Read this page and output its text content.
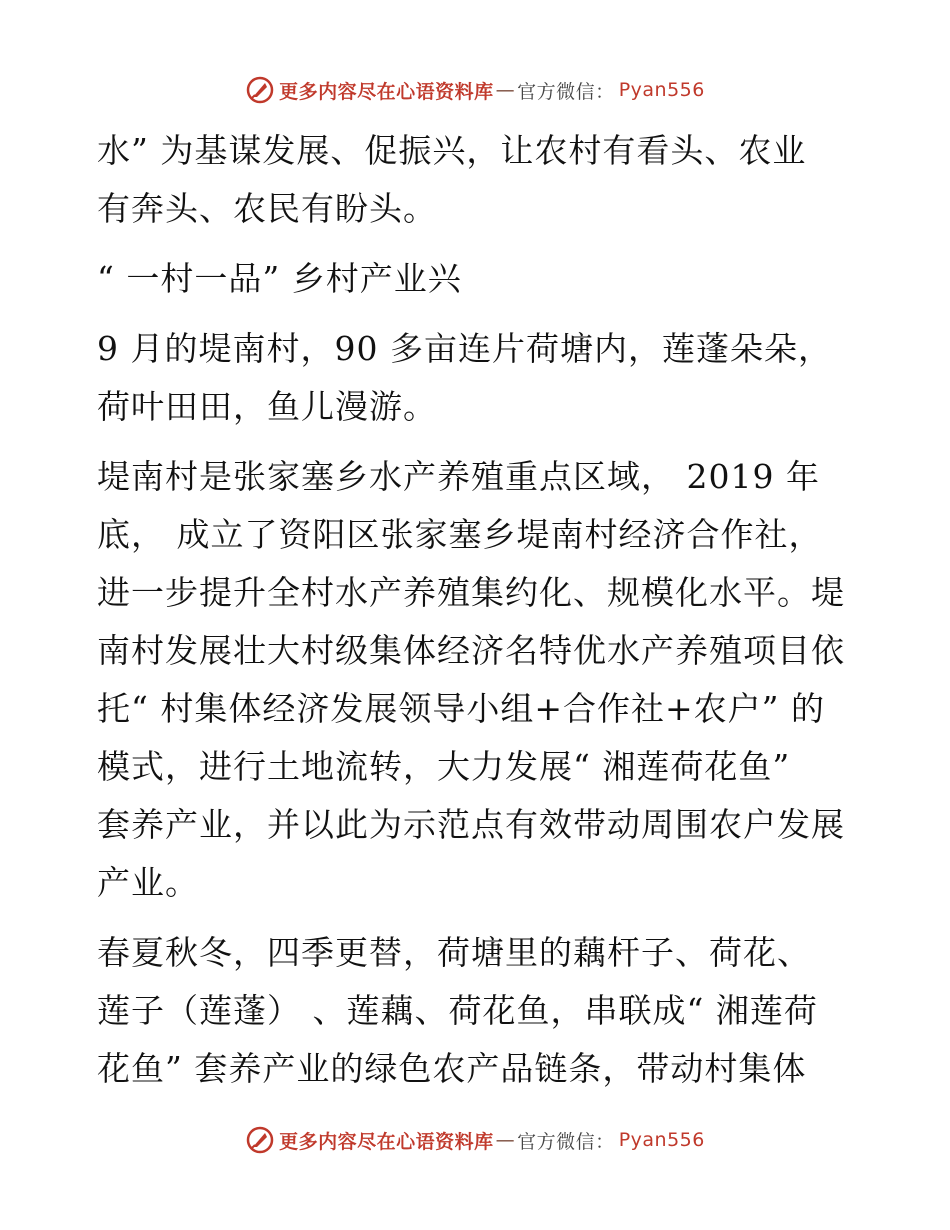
更多内容尽在心语资料库 — 官方微信： Pyan556
水” 为基谋发展、促振兴，让农村有看头、农业
有奔头、农民有盼头。
“ 一村一品” 乡村产业兴
9 月的堤南村，90 多亩连片荷塘内，莲蓬朵朵，
荷叶田田，鱼儿漫游。
堤南村是张家塞乡水产养殖重点区域， 2019 年
底， 成立了资阳区张家塞乡堤南村经济合作社，
进一步提升全村水产养殖集约化、规模化水平。堤
南村发展壮大村级集体经济名特优水产养殖项目依
托“ 村集体经济发展领导小组+合作社+农户” 的
模式，进行土地流转，大力发展“ 湘莲荷花鱼”
套养产业，并以此为示范点有效带动周围农户发展
产业。
春夏秋冬，四季更替，荷塘里的藕杆子、荷花、
莲子（莲蓬） 、莲藕、荷花鱼，串联成“ 湘莲荷
花鱼” 套养产业的绿色农产品链条，带动村集体
更多内容尽在心语资料库 — 官方微信： Pyan556
